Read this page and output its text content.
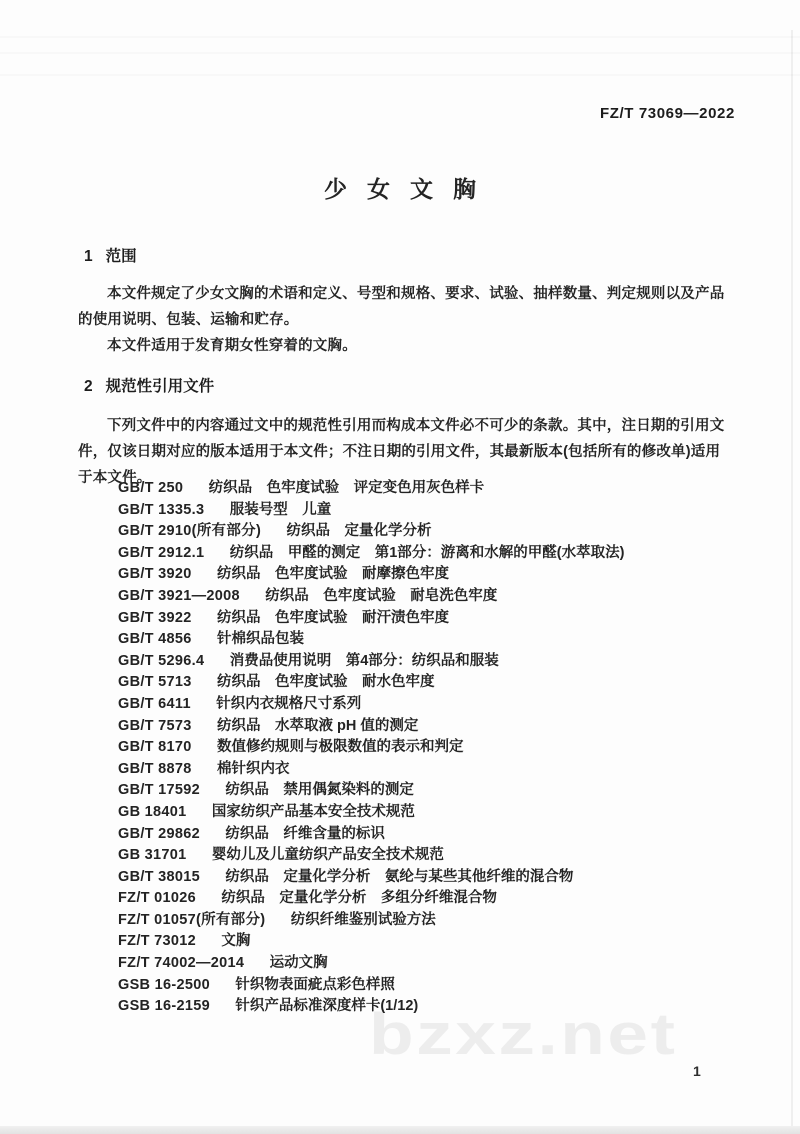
bzxz.net
FZ/T 73069—2022
少女文胸
1 范围

本文件规定了少女文胸的术语和定义、号型和规格、要求、试验、抽样数量、判定规则以及产品的使用说明、包装、运输和贮存。

本文件适用于发育期女性穿着的文胸。

2 规范性引用文件

下列文件中的内容通过文中的规范性引用而构成本文件必不可少的条款。其中，注日期的引用文件，仅该日期对应的版本适用于本文件；不注日期的引用文件，其最新版本(包括所有的修改单)适用于本文件。

GB/T 250 纺织品　色牢度试验　评定变色用灰色样卡
GB/T 1335.3 服装号型　儿童
GB/T 2910(所有部分) 纺织品　定量化学分析
GB/T 2912.1 纺织品　甲醛的测定　第1部分：游离和水解的甲醛(水萃取法)
GB/T 3920 纺织品　色牢度试验　耐摩擦色牢度
GB/T 3921—2008 纺织品　色牢度试验　耐皂洗色牢度
GB/T 3922 纺织品　色牢度试验　耐汗渍色牢度
GB/T 4856 针棉织品包装
GB/T 5296.4 消费品使用说明　第4部分：纺织品和服装
GB/T 5713 纺织品　色牢度试验　耐水色牢度
GB/T 6411 针织内衣规格尺寸系列
GB/T 7573 纺织品　水萃取液 pH 值的测定
GB/T 8170 数值修约规则与极限数值的表示和判定
GB/T 8878 棉针织内衣
GB/T 17592 纺织品　禁用偶氮染料的测定
GB 18401 国家纺织产品基本安全技术规范
GB/T 29862 纺织品　纤维含量的标识
GB 31701 婴幼儿及儿童纺织产品安全技术规范
GB/T 38015 纺织品　定量化学分析　氨纶与某些其他纤维的混合物
FZ/T 01026 纺织品　定量化学分析　多组分纤维混合物
FZ/T 01057(所有部分) 纺织纤维鉴别试验方法
FZ/T 73012 文胸
FZ/T 74002—2014 运动文胸
GSB 16-2500 针织物表面疵点彩色样照
GSB 16-2159 针织产品标准深度样卡(1/12)
1
